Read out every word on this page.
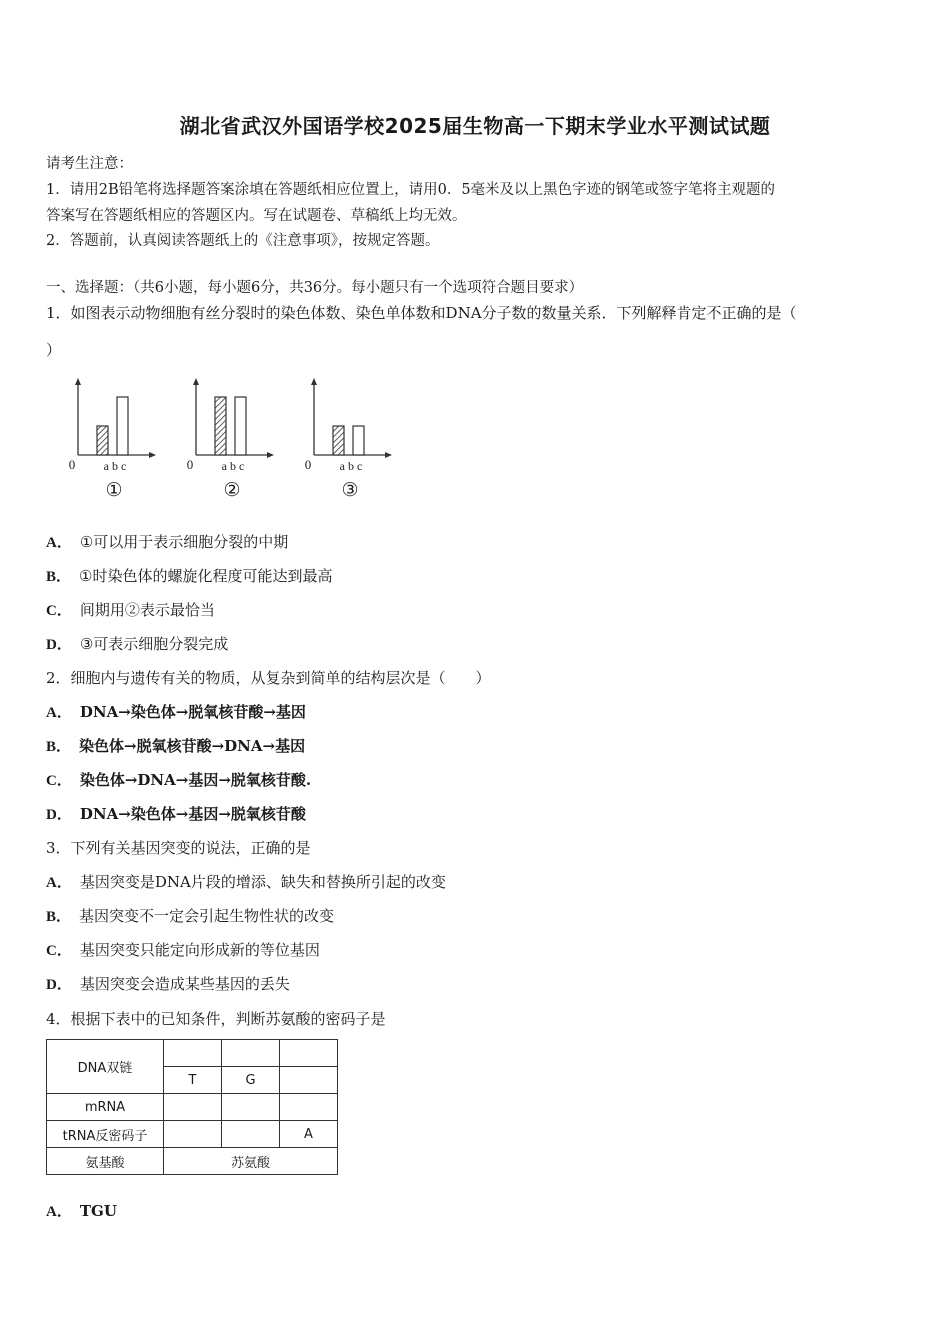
湖北省武汉外国语学校2025届生物高一下期末学业水平测试试题
请考生注意：
1．请用2B铅笔将选择题答案涂填在答题纸相应位置上，请用0．5毫米及以上黑色字迹的钢笔或签字笔将主观题的
答案写在答题纸相应的答题区内。写在试题卷、草稿纸上均无效。
2．答题前，认真阅读答题纸上的《注意事项》，按规定答题。
一、选择题：（共6小题，每小题6分，共36分。每小题只有一个选项符合题目要求）
1．如图表示动物细胞有丝分裂时的染色体数、染色单体数和DNA分子数的数量关系．下列解释肯定不正确的是（
）
0 a b c
①
0 a b c
②
0 a b c
③
A． ①可以用于表示细胞分裂的中期
B． ①时染色体的螺旋化程度可能达到最高
C． 间期用②表示最恰当
D． ③可表示细胞分裂完成
2．细胞内与遗传有关的物质，从复杂到简单的结构层次是（　　）
A． DNA→染色体→脱氧核苷酸→基因
B． 染色体→脱氧核苷酸→DNA→基因
C． 染色体→DNA→基因→脱氧核苷酸.
D． DNA→染色体→基因→脱氧核苷酸
3．下列有关基因突变的说法，正确的是
A． 基因突变是DNA片段的增添、缺失和替换所引起的改变
B． 基因突变不一定会引起生物性状的改变
C． 基因突变只能定向形成新的等位基因
D． 基因突变会造成某些基因的丢失
4．根据下表中的已知条件，判断苏氨酸的密码子是
DNA双链			
	T	G	
mRNA			
tRNA反密码子			A
氨基酸	苏氨酸		
A． TGU
